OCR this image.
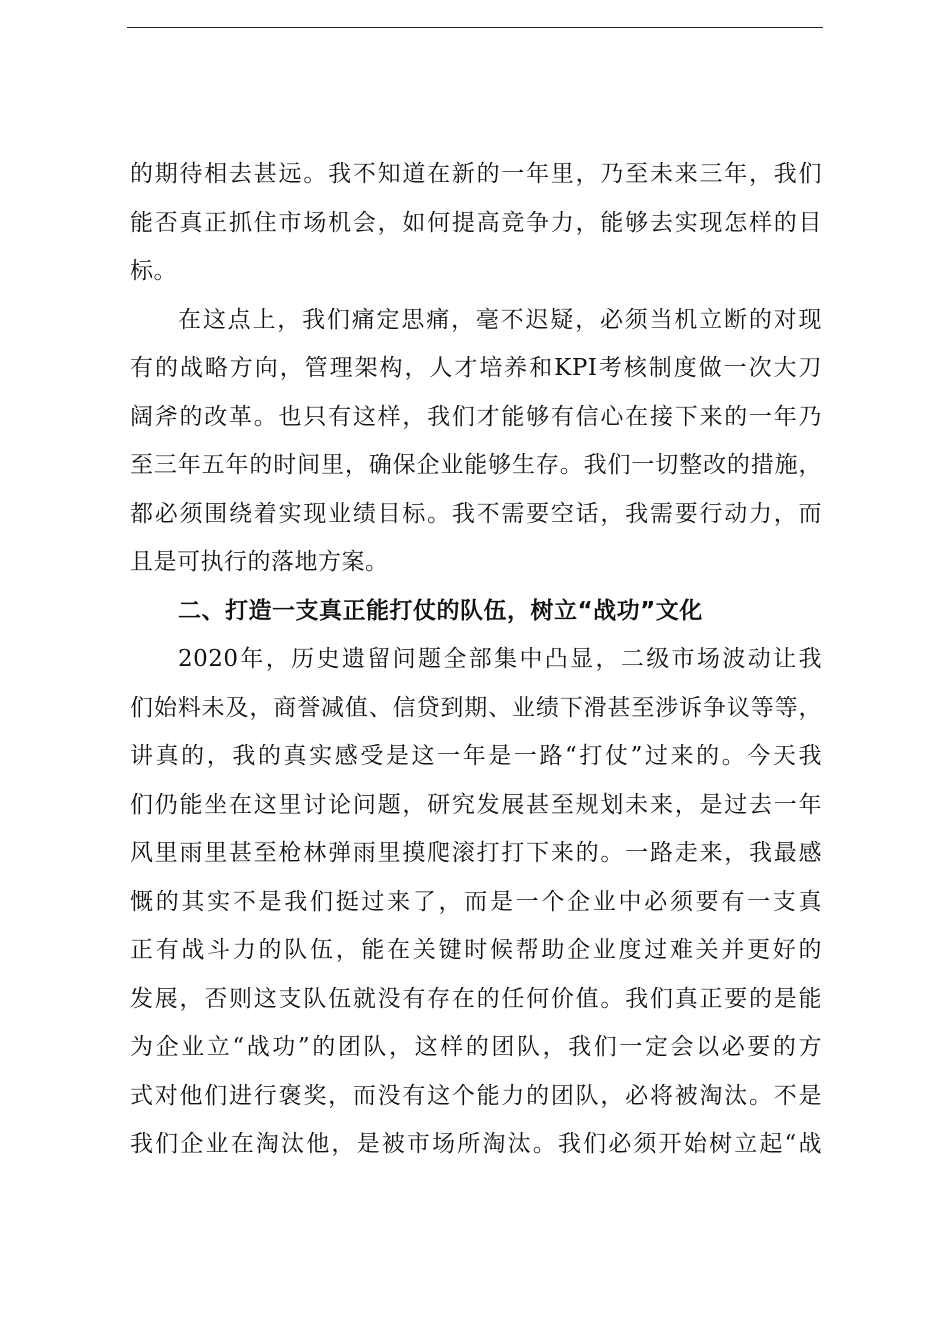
的期待相去甚远。我不知道在新的一年里，乃至未来三年，我们
能否真正抓住市场机会，如何提高竞争力，能够去实现怎样的目
标。
在这点上，我们痛定思痛，毫不迟疑，必须当机立断的对现
有的战略方向，管理架构，人才培养和KPI考核制度做一次大刀
阔斧的改革。也只有这样，我们才能够有信心在接下来的一年乃
至三年五年的时间里，确保企业能够生存。我们一切整改的措施，
都必须围绕着实现业绩目标。我不需要空话，我需要行动力，而
且是可执行的落地方案。
二、打造一支真正能打仗的队伍，树立“战功”文化
2020年，历史遗留问题全部集中凸显，二级市场波动让我
们始料未及，商誉减值、信贷到期、业绩下滑甚至涉诉争议等等，
讲真的，我的真实感受是这一年是一路“打仗”过来的。今天我
们仍能坐在这里讨论问题，研究发展甚至规划未来，是过去一年
风里雨里甚至枪林弹雨里摸爬滚打打下来的。一路走来，我最感
慨的其实不是我们挺过来了，而是一个企业中必须要有一支真
正有战斗力的队伍，能在关键时候帮助企业度过难关并更好的
发展，否则这支队伍就没有存在的任何价值。我们真正要的是能
为企业立“战功”的团队，这样的团队，我们一定会以必要的方
式对他们进行褒奖，而没有这个能力的团队，必将被淘汰。不是
我们企业在淘汰他，是被市场所淘汰。我们必须开始树立起“战
